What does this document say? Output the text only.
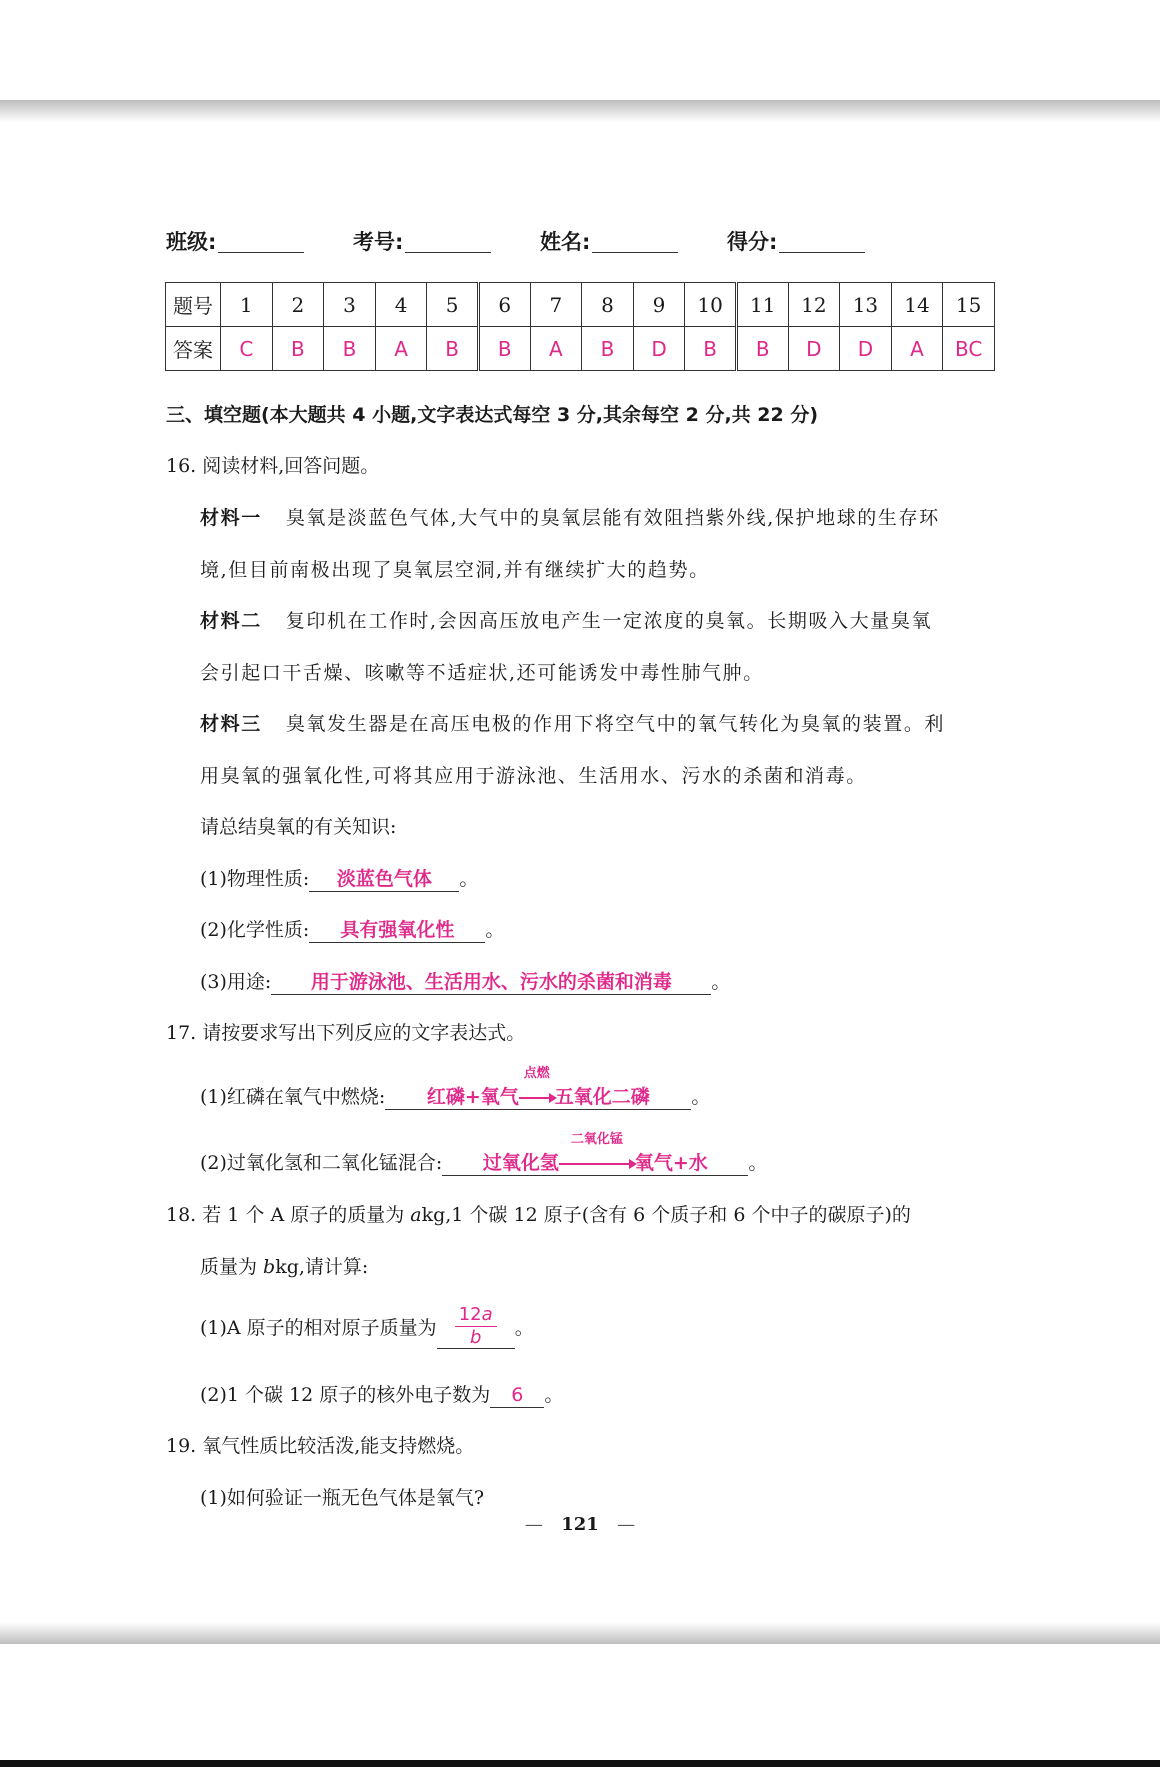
班级:	考号:	姓名:	得分:
题号	1	2	3	4	5	6	7	8	9	10	11	12	13	14	15
答案	C	B	B	A	B	B	A	B	D	B	B	D	D	A	BC
三、填空题(本大题共 4 小题,文字表达式每空 3 分,其余每空 2 分,共 22 分)
16. 阅读材料,回答问题。
材料一 臭氧是淡蓝色气体,大气中的臭氧层能有效阻挡紫外线,保护地球的生存环
境,但目前南极出现了臭氧层空洞,并有继续扩大的趋势。
材料二 复印机在工作时,会因高压放电产生一定浓度的臭氧。长期吸入大量臭氧
会引起口干舌燥、咳嗽等不适症状,还可能诱发中毒性肺气肿。
材料三 臭氧发生器是在高压电极的作用下将空气中的氧气转化为臭氧的装置。利
用臭氧的强氧化性,可将其应用于游泳池、生活用水、污水的杀菌和消毒。
请总结臭氧的有关知识:
(1)物理性质: 淡蓝色气体 。
(2)化学性质: 具有强氧化性 。
(3)用途: 用于游泳池、生活用水、污水的杀菌和消毒 。
17. 请按要求写出下列反应的文字表达式。
(1)红磷在氧气中燃烧: 红磷+氧气
点燃
五氧化二磷 。
(2)过氧化氢和二氧化锰混合: 过氧化氢
二氧化锰
氧气+水 。
18. 若 1 个 A 原子的质量为 akg,1 个碳 12 原子(含有 6 个质子和 6 个中子的碳原子)的
质量为 bkg,请计算:
(1)A 原子的相对原子质量为 $\frac{12a}{b}$ 。
(2)1 个碳 12 原子的核外电子数为 6 。
19. 氧气性质比较活泼,能支持燃烧。
(1)如何验证一瓶无色气体是氧气?
— 121 —
